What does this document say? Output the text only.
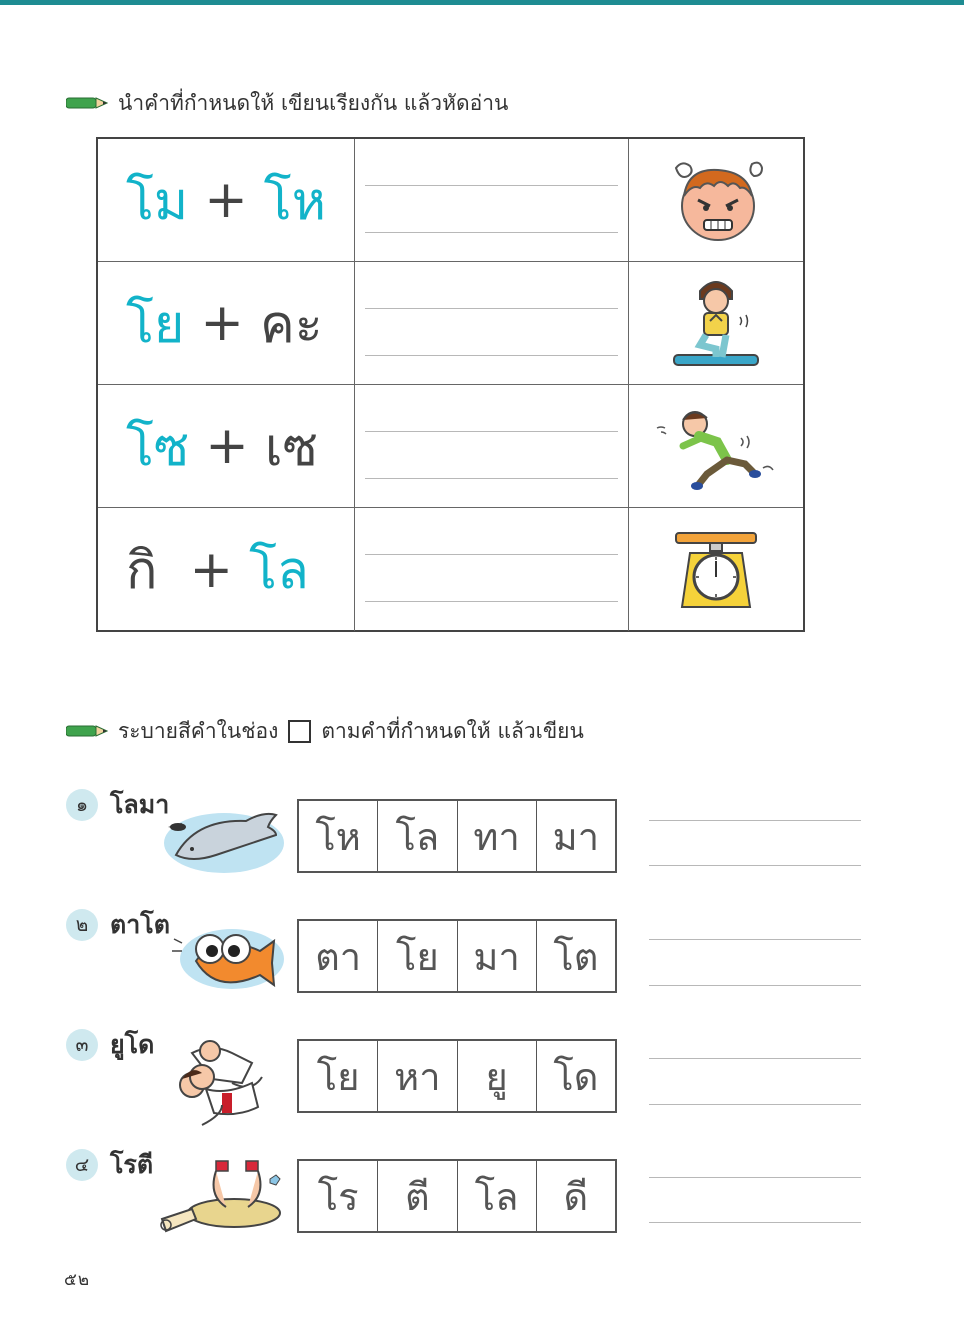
นำคำที่กำหนดให้ เขียนเรียงกัน แล้วหัดอ่าน
โม + โห
โย + คะ
โซ + เซ
กิ + โล
ระบายสีคำในช่อง ตามคำที่กำหนดให้ แล้วเขียน
๑ โลมา
โห โล ทา มา
๒ ตาโต
ตา โย มา โต
๓ ยูโด
โย หา	ยู	โด
๔ โรตี
โร	ตี	โล	ดี
๕๒
